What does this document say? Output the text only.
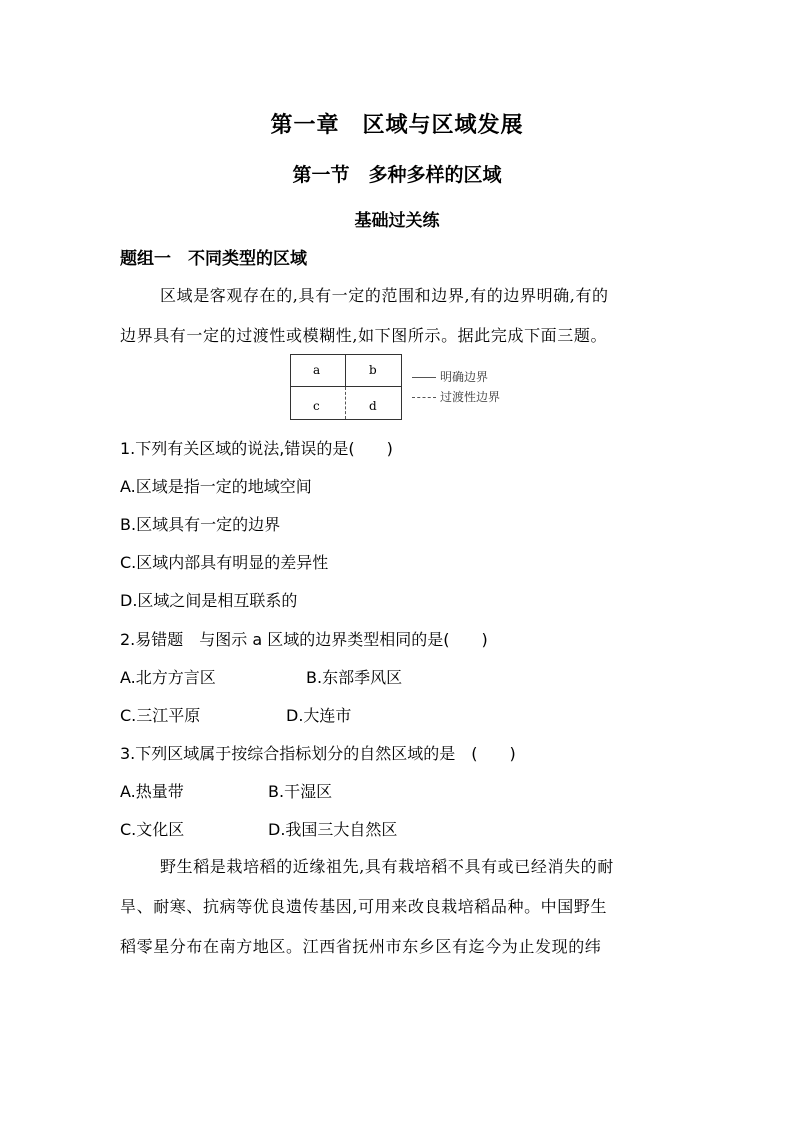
第一章　区域与区域发展
第一节　多种多样的区域
基础过关练
题组一　不同类型的区域
区域是客观存在的,具有一定的范围和边界,有的边界明确,有的
边界具有一定的过渡性或模糊性,如下图所示。据此完成下面三题。
a	b
c	d
明确边界
过渡性边界
1.下列有关区域的说法,错误的是(　　)
A.区域是指一定的地域空间
B.区域具有一定的边界
C.区域内部具有明显的差异性
D.区域之间是相互联系的
2.易错题　与图示 a 区域的边界类型相同的是(　　)
A.北方方言区	B.东部季风区
C.三江平原	D.大连市
3.下列区域属于按综合指标划分的自然区域的是　(　　)
A.热量带	B.干湿区
C.文化区	D.我国三大自然区
野生稻是栽培稻的近缘祖先,具有栽培稻不具有或已经消失的耐
旱、耐寒、抗病等优良遗传基因,可用来改良栽培稻品种。中国野生
稻零星分布在南方地区。江西省抚州市东乡区有迄今为止发现的纬
